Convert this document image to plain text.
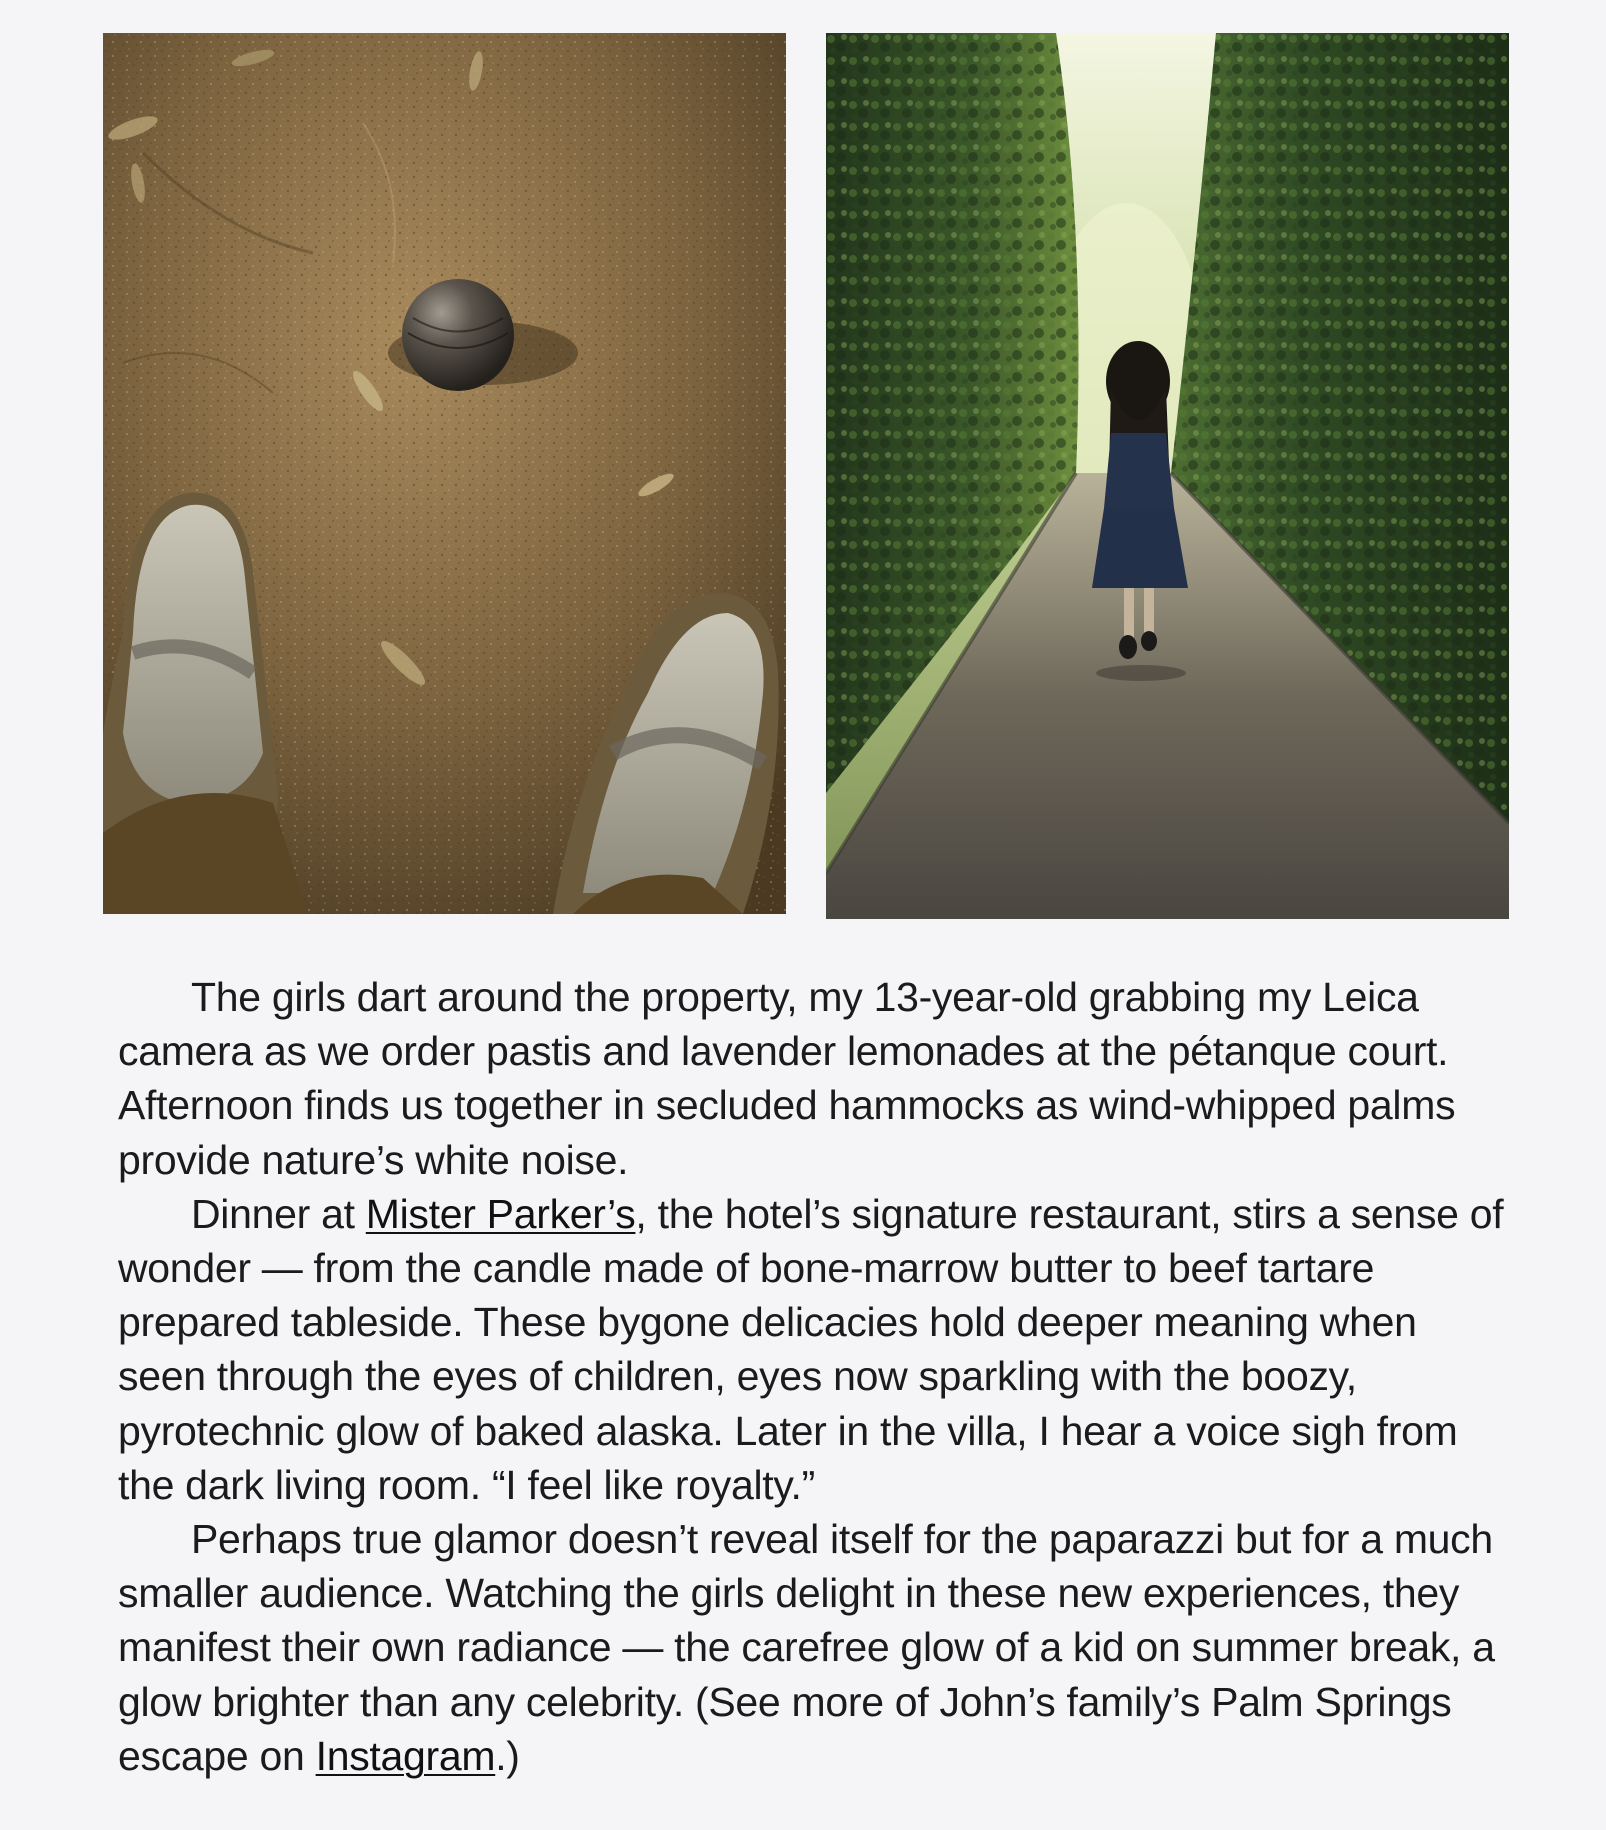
The girls dart around the property, my 13-year-old grabbing my Leica camera as we order pastis and lavender lemonades at the pétanque court. Afternoon finds us together in secluded hammocks as wind-whipped palms provide nature’s white noise.

Dinner at Mister Parker’s, the hotel’s signature restaurant, stirs a sense of wonder — from the candle made of bone-marrow butter to beef tartare prepared tableside. These bygone delicacies hold deeper meaning when seen through the eyes of children, eyes now sparkling with the boozy, pyrotechnic glow of baked alaska. Later in the villa, I hear a voice sigh from the dark living room. “I feel like royalty.”

Perhaps true glamor doesn’t reveal itself for the paparazzi but for a much smaller audience. Watching the girls delight in these new experiences, they manifest their own radiance — the carefree glow of a kid on summer break, a glow brighter than any celebrity. (See more of John’s family’s Palm Springs escape on Instagram.)
